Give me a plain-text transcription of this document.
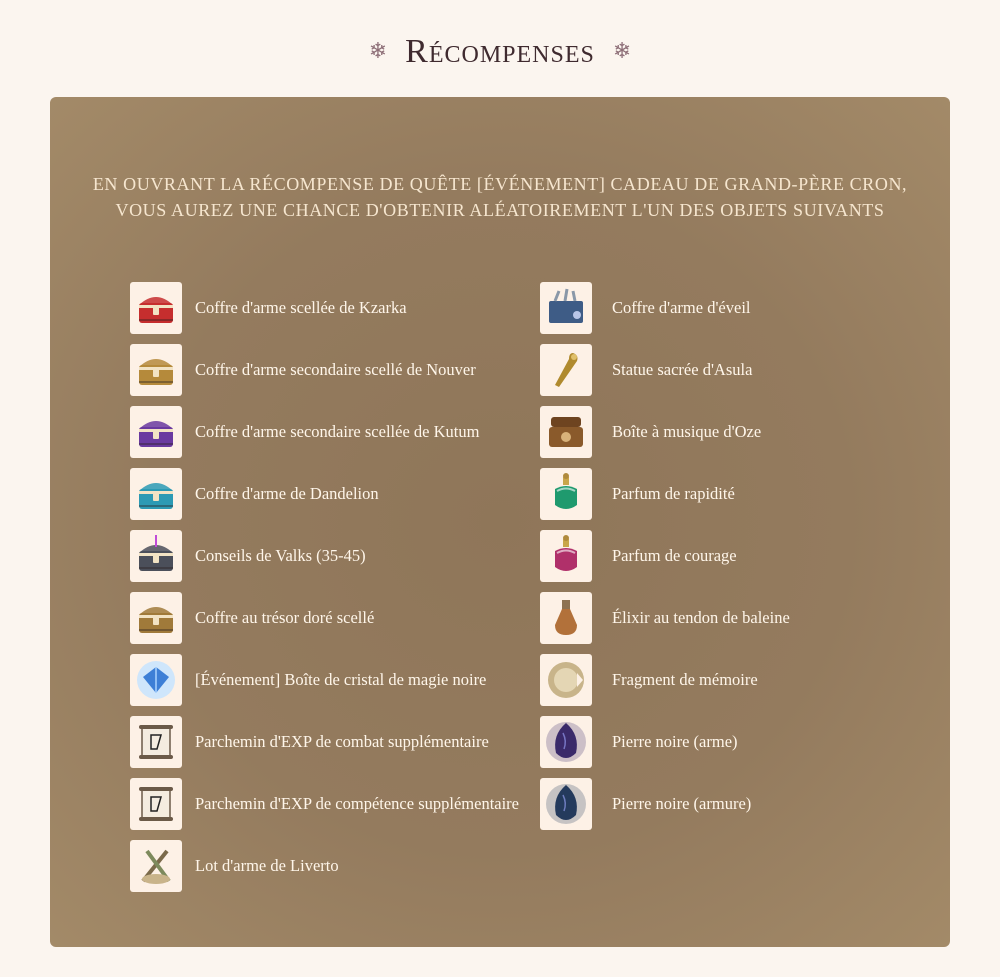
❄ Récompenses ❄
EN OUVRANT LA RÉCOMPENSE DE QUÊTE [ÉVÉNEMENT] CADEAU DE GRAND-PÈRE CRON,
VOUS AUREZ UNE CHANCE D'OBTENIR ALÉATOIREMENT L'UN DES OBJETS SUIVANTS
Coffre d'arme scellée de Kzarka
Coffre d'arme secondaire scellé de Nouver
Coffre d'arme secondaire scellée de Kutum
Coffre d'arme de Dandelion
Conseils de Valks (35-45)
Coffre au trésor doré scellé
[Événement] Boîte de cristal de magie noire
Parchemin d'EXP de combat supplémentaire
Parchemin d'EXP de compétence supplémentaire
Lot d'arme de Liverto
Coffre d'arme d'éveil
Statue sacrée d'Asula
Boîte à musique d'Oze
Parfum de rapidité
Parfum de courage
Élixir au tendon de baleine
Fragment de mémoire
Pierre noire (arme)
Pierre noire (armure)
